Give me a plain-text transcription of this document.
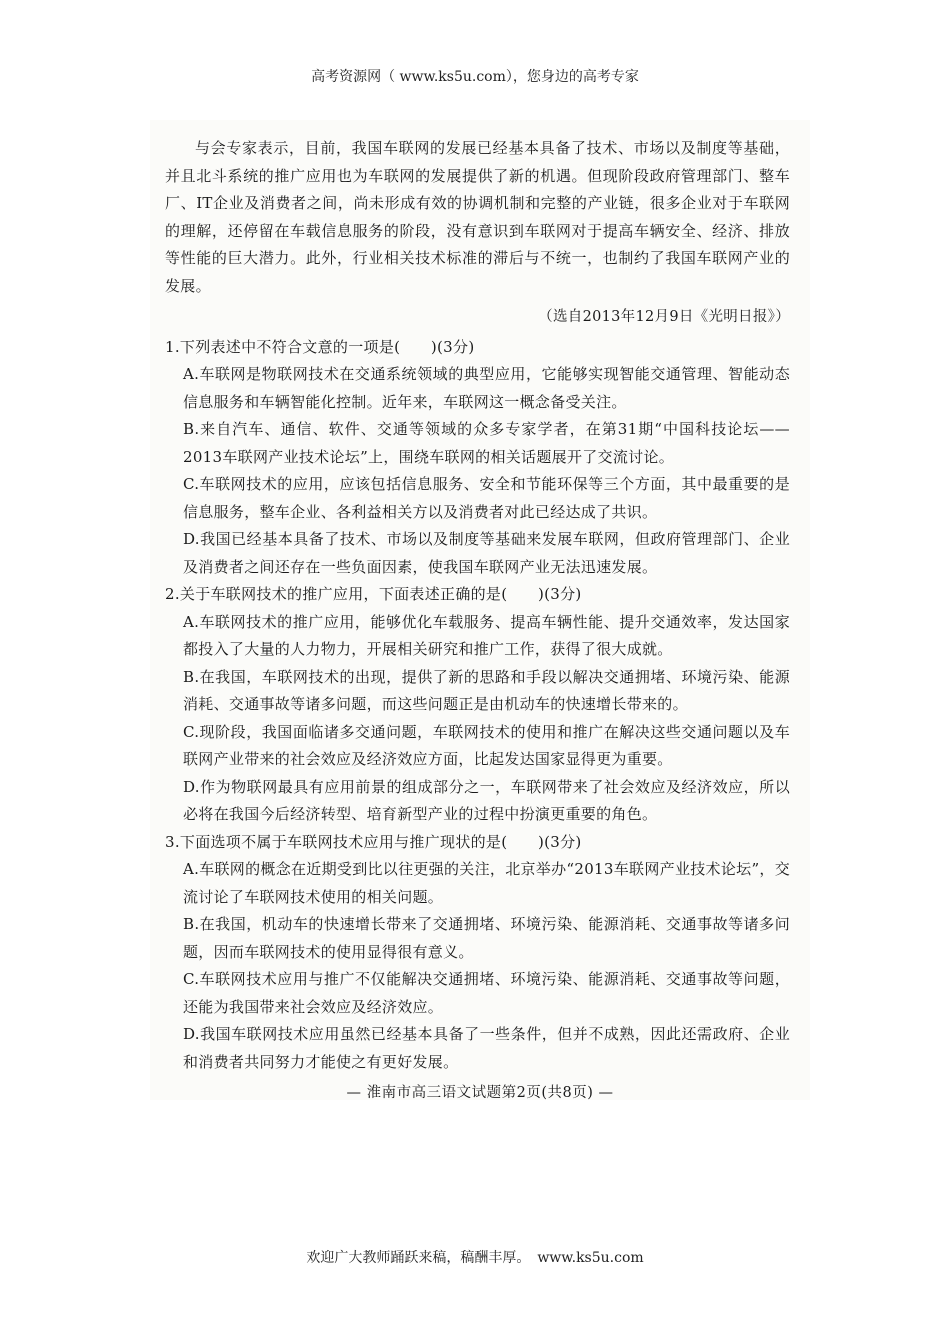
高考资源网（ www.ks5u.com），您身边的高考专家

与会专家表示，目前，我国车联网的发展已经基本具备了技术、市场以及制度等基础，并且北斗系统的推广应用也为车联网的发展提供了新的机遇。但现阶段政府管理部门、整车厂、IT企业及消费者之间，尚未形成有效的协调机制和完整的产业链，很多企业对于车联网的理解，还停留在车载信息服务的阶段，没有意识到车联网对于提高车辆安全、经济、排放等性能的巨大潜力。此外，行业相关技术标准的滞后与不统一，也制约了我国车联网产业的发展。

（选自2013年12月9日《光明日报》）

1.下列表述中不符合文意的一项是(　　)(3分)

A.车联网是物联网技术在交通系统领域的典型应用，它能够实现智能交通管理、智能动态信息服务和车辆智能化控制。近年来，车联网这一概念备受关注。

B.来自汽车、通信、软件、交通等领域的众多专家学者，在第31期“中国科技论坛——2013车联网产业技术论坛”上，围绕车联网的相关话题展开了交流讨论。

C.车联网技术的应用，应该包括信息服务、安全和节能环保等三个方面，其中最重要的是信息服务，整车企业、各利益相关方以及消费者对此已经达成了共识。

D.我国已经基本具备了技术、市场以及制度等基础来发展车联网，但政府管理部门、企业及消费者之间还存在一些负面因素，使我国车联网产业无法迅速发展。

2.关于车联网技术的推广应用，下面表述正确的是(　　)(3分)

A.车联网技术的推广应用，能够优化车载服务、提高车辆性能、提升交通效率，发达国家都投入了大量的人力物力，开展相关研究和推广工作，获得了很大成就。

B.在我国，车联网技术的出现，提供了新的思路和手段以解决交通拥堵、环境污染、能源消耗、交通事故等诸多问题，而这些问题正是由机动车的快速增长带来的。

C.现阶段，我国面临诸多交通问题，车联网技术的使用和推广在解决这些交通问题以及车联网产业带来的社会效应及经济效应方面，比起发达国家显得更为重要。

D.作为物联网最具有应用前景的组成部分之一，车联网带来了社会效应及经济效应，所以必将在我国今后经济转型、培育新型产业的过程中扮演更重要的角色。

3.下面选项不属于车联网技术应用与推广现状的是(　　)(3分)

A.车联网的概念在近期受到比以往更强的关注，北京举办“2013车联网产业技术论坛”，交流讨论了车联网技术使用的相关问题。

B.在我国，机动车的快速增长带来了交通拥堵、环境污染、能源消耗、交通事故等诸多问题，因而车联网技术的使用显得很有意义。

C.车联网技术应用与推广不仅能解决交通拥堵、环境污染、能源消耗、交通事故等问题，还能为我国带来社会效应及经济效应。

D.我国车联网技术应用虽然已经基本具备了一些条件，但并不成熟，因此还需政府、企业和消费者共同努力才能使之有更好发展。

— 淮南市高三语文试题第2页(共8页) —
欢迎广大教师踊跃来稿，稿酬丰厚。　www.ks5u.com
